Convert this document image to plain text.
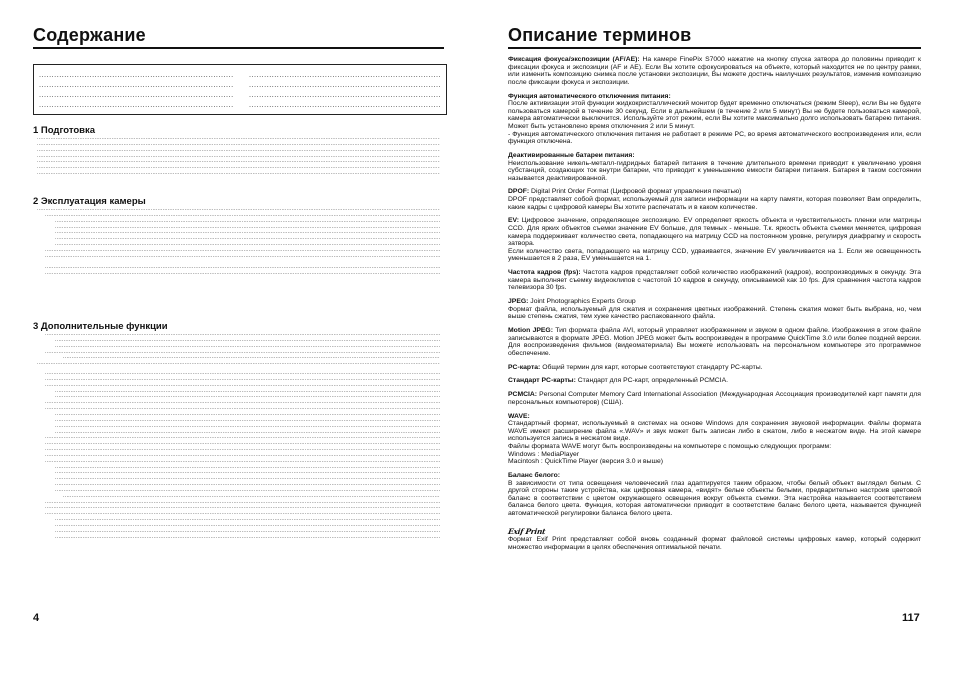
Содержание
.....
.....
.....
.....
.....
.....
.....
.....
1 Подготовка
.....
.....
.....
.....
.....
.....
.....
2 Эксплуатация камеры
.....
.....
.....
.....
.....
.....
.....
.....
.....
.....
.....
3 Дополнительные функции
.....
.....
.....
.....
.....
.....
.....
.....
.....
.....
.....
.....
.....
.....
.....
.....
.....
.....
.....
.....
.....
.....
.....
.....
.....
.....
.....
.....
.....
.....
.....
.....
.....
.....
.....
4
Описание терминов
Фиксация фокуса/экспозиции (AF/AE): На камере FinePix S7000 нажатие на кнопку спуска затвора до половины приводит к фиксации фокуса и экспозиции (AF и AE). Если Вы хотите сфокусироваться на объекте, который находится не по центру рамки, или изменить композицию снимка после установки экспозиции, Вы можете достичь наилучших результатов, изменив композицию после фиксации фокуса и экспозиции.
Функция автоматического отключения питания:
После активизации этой функции жидкокристаллический монитор будет временно отключаться (режим Sleep), если Вы не будете пользоваться камерой в течение 30 секунд. Если в дальнейшем (в течение 2 или 5 минут) Вы не будете пользоваться камерой, камера автоматически выключится. Используйте этот режим, если Вы хотите максимально долго использовать батарею питания. Может быть установлено время отключения 2 или 5 минут.
- Функция автоматического отключения питания не работает в режиме PC, во время автоматического воспроизведения или, если функция отключена.
Деактивированные батареи питания:
Неиспользование никель-металл-гидридных батарей питания в течение длительного времени приводит к увеличению уровня субстанций, создающих ток внутри батареи, что приводит к уменьшению емкости батареи питания. Батарея в таком состоянии называется деактивированной.
DPOF: Digital Print Order Format (Цифровой формат управления печатью)
DPOF представляет собой формат, используемый для записи информации на карту памяти, которая позволяет Вам определить, какие кадры с цифровой камеры Вы хотите распечатать и в каком количестве.
EV: Цифровое значение, определяющее экспозицию. EV определяет яркость объекта и чувствительность пленки или матрицы CCD. Для ярких объектов съемки значение EV больше, для темных - меньше. Т.к. яркость объекта съемки меняется, цифровая камера поддерживает количество света, попадающего на матрицу CCD на постоянном уровне, регулируя диафрагму и скорость затвора.
Если количество света, попадающего на матрицу CCD, удваивается, значение EV увеличивается на 1. Если же освещенность уменьшается в 2 раза, EV уменьшается на 1.
Частота кадров (fps): Частота кадров представляет собой количество изображений (кадров), воспроизводимых в секунду. Эта камера выполняет съемку видеоклипов с частотой 10 кадров в секунду, описываемой как 10 fps. Для сравнения частота кадров телевизора 30 fps.
JPEG: Joint Photographics Experts Group
Формат файла, используемый для сжатия и сохранения цветных изображений. Степень сжатия может быть выбрана, но, чем выше степень сжатия, тем хуже качество распакованного файла.
Motion JPEG: Тип формата файла AVI, который управляет изображением и звуком в одном файле. Изображения в этом файле записываются в формате JPEG. Motion JPEG может быть воспроизведен в программе QuickTime 3.0 или более поздней версии. Для воспроизведения фильмов (видеоматериала) Вы можете использовать на персональном компьютере это программное обеспечение.
PC-карта: Общий термин для карт, которые соответствуют стандарту PC-карты.
Стандарт PC-карты: Стандарт для PC-карт, определенный PCMCIA.
PCMCIA: Personal Computer Memory Card International Association (Международная Ассоциация производителей карт памяти для персональных компьютеров) (США).
WAVE:
Стандартный формат, используемый в системах на основе Windows для сохранения звуковой информации. Файлы формата WAVE имеют расширение файла «.WAV» и звук может быть записан либо в сжатом, либо в несжатом виде. На этой камере используется запись в несжатом виде.
Файлы формата WAVE могут быть воспроизведены на компьютере с помощью следующих программ:
Windows : MediaPlayer
Macintosh : QuickTime Player (версия 3.0 и выше)
Баланс белого:
В зависимости от типа освещения человеческий глаз адаптируется таким образом, чтобы белый объект выглядел белым. С другой стороны такие устройства, как цифровая камера, «видят» белые объекты белыми, предварительно настроив цветовой баланс в соответствии с цветом окружающего освещения вокруг объекта съемки. Эта настройка называется соответствием баланса белого цвета. Функция, которая автоматически приводит в соответствие баланс белого цвета, называется функцией автоматической регулировки баланса белого цвета.
Exif Print
Формат Exif Print представляет собой вновь созданный формат файловой системы цифровых камер, который содержит множество информации в целях обеспечения оптимальной печати.
117
